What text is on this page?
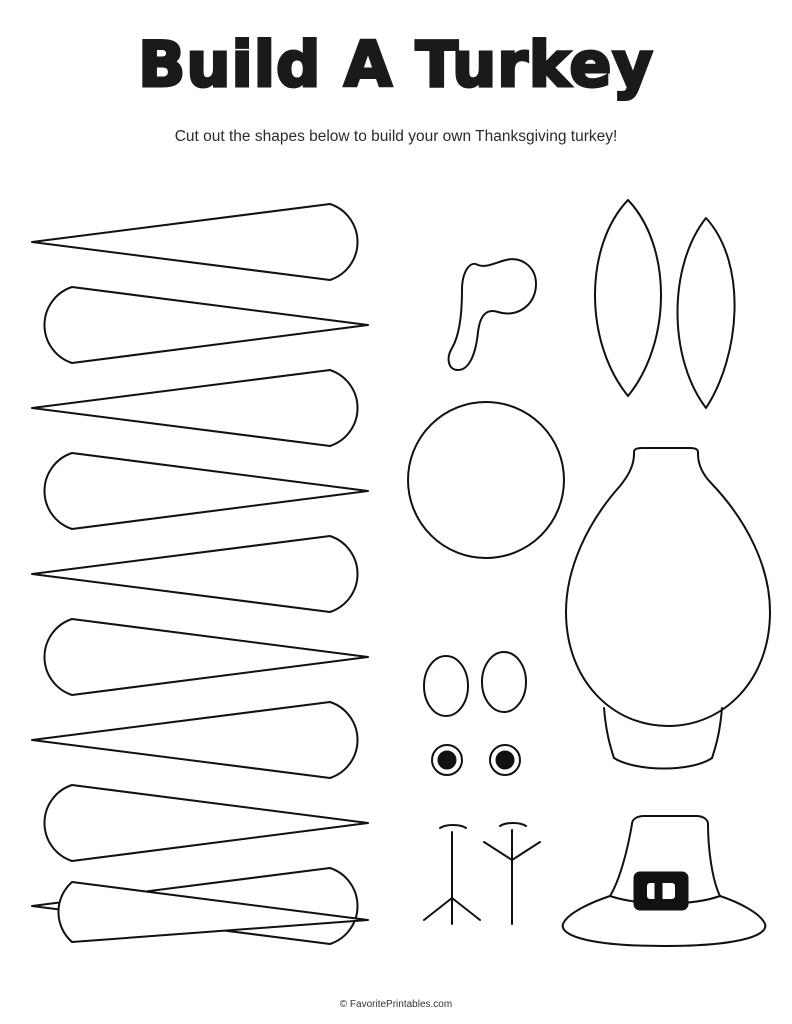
Build A Turkey
Cut out the shapes below to build your own Thanksgiving turkey!
© FavoritePrintables.com
